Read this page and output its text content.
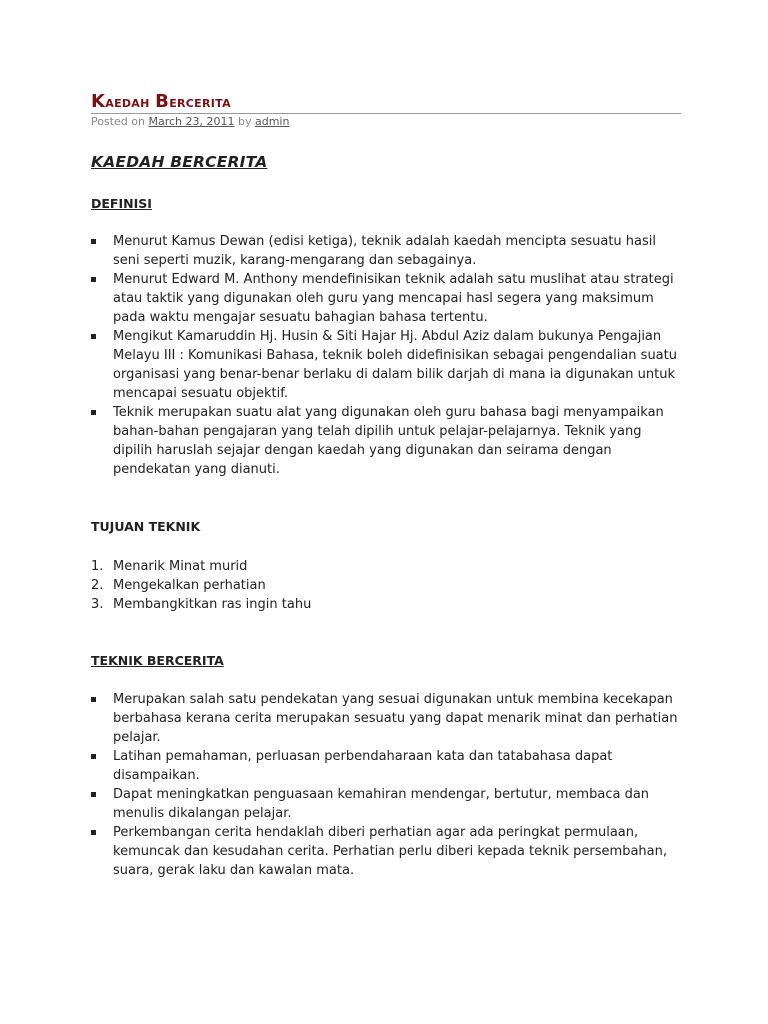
Kaedah Bercerita
Posted on March 23, 2011 by admin
KAEDAH BERCERITA
DEFINISI
Menurut Kamus Dewan (edisi ketiga), teknik adalah kaedah mencipta sesuatu hasil seni seperti muzik, karang-mengarang dan sebagainya.
Menurut Edward M. Anthony mendefinisikan teknik adalah satu muslihat atau strategi atau taktik yang digunakan oleh guru yang mencapai hasl segera yang maksimum pada waktu mengajar sesuatu bahagian bahasa tertentu.
Mengikut Kamaruddin Hj. Husin & Siti Hajar Hj. Abdul Aziz dalam bukunya Pengajian Melayu III : Komunikasi Bahasa, teknik boleh didefinisikan sebagai pengendalian suatu organisasi yang benar-benar berlaku di dalam bilik darjah di mana ia digunakan untuk mencapai sesuatu objektif.
Teknik merupakan suatu alat yang digunakan oleh guru bahasa bagi menyampaikan bahan-bahan pengajaran yang telah dipilih untuk pelajar-pelajarnya. Teknik yang dipilih haruslah sejajar dengan kaedah yang digunakan dan seirama dengan pendekatan yang dianuti.
TUJUAN TEKNIK
1. Menarik Minat murid
2. Mengekalkan perhatian
3. Membangkitkan ras ingin tahu
TEKNIK BERCERITA
Merupakan salah satu pendekatan yang sesuai digunakan untuk membina kecekapan berbahasa kerana cerita merupakan sesuatu yang dapat menarik minat dan perhatian pelajar.
Latihan pemahaman, perluasan perbendaharaan kata dan tatabahasa dapat disampaikan.
Dapat meningkatkan penguasaan kemahiran mendengar, bertutur, membaca dan menulis dikalangan pelajar.
Perkembangan cerita hendaklah diberi perhatian agar ada peringkat permulaan, kemuncak dan kesudahan cerita. Perhatian perlu diberi kepada teknik persembahan, suara, gerak laku dan kawalan mata.
